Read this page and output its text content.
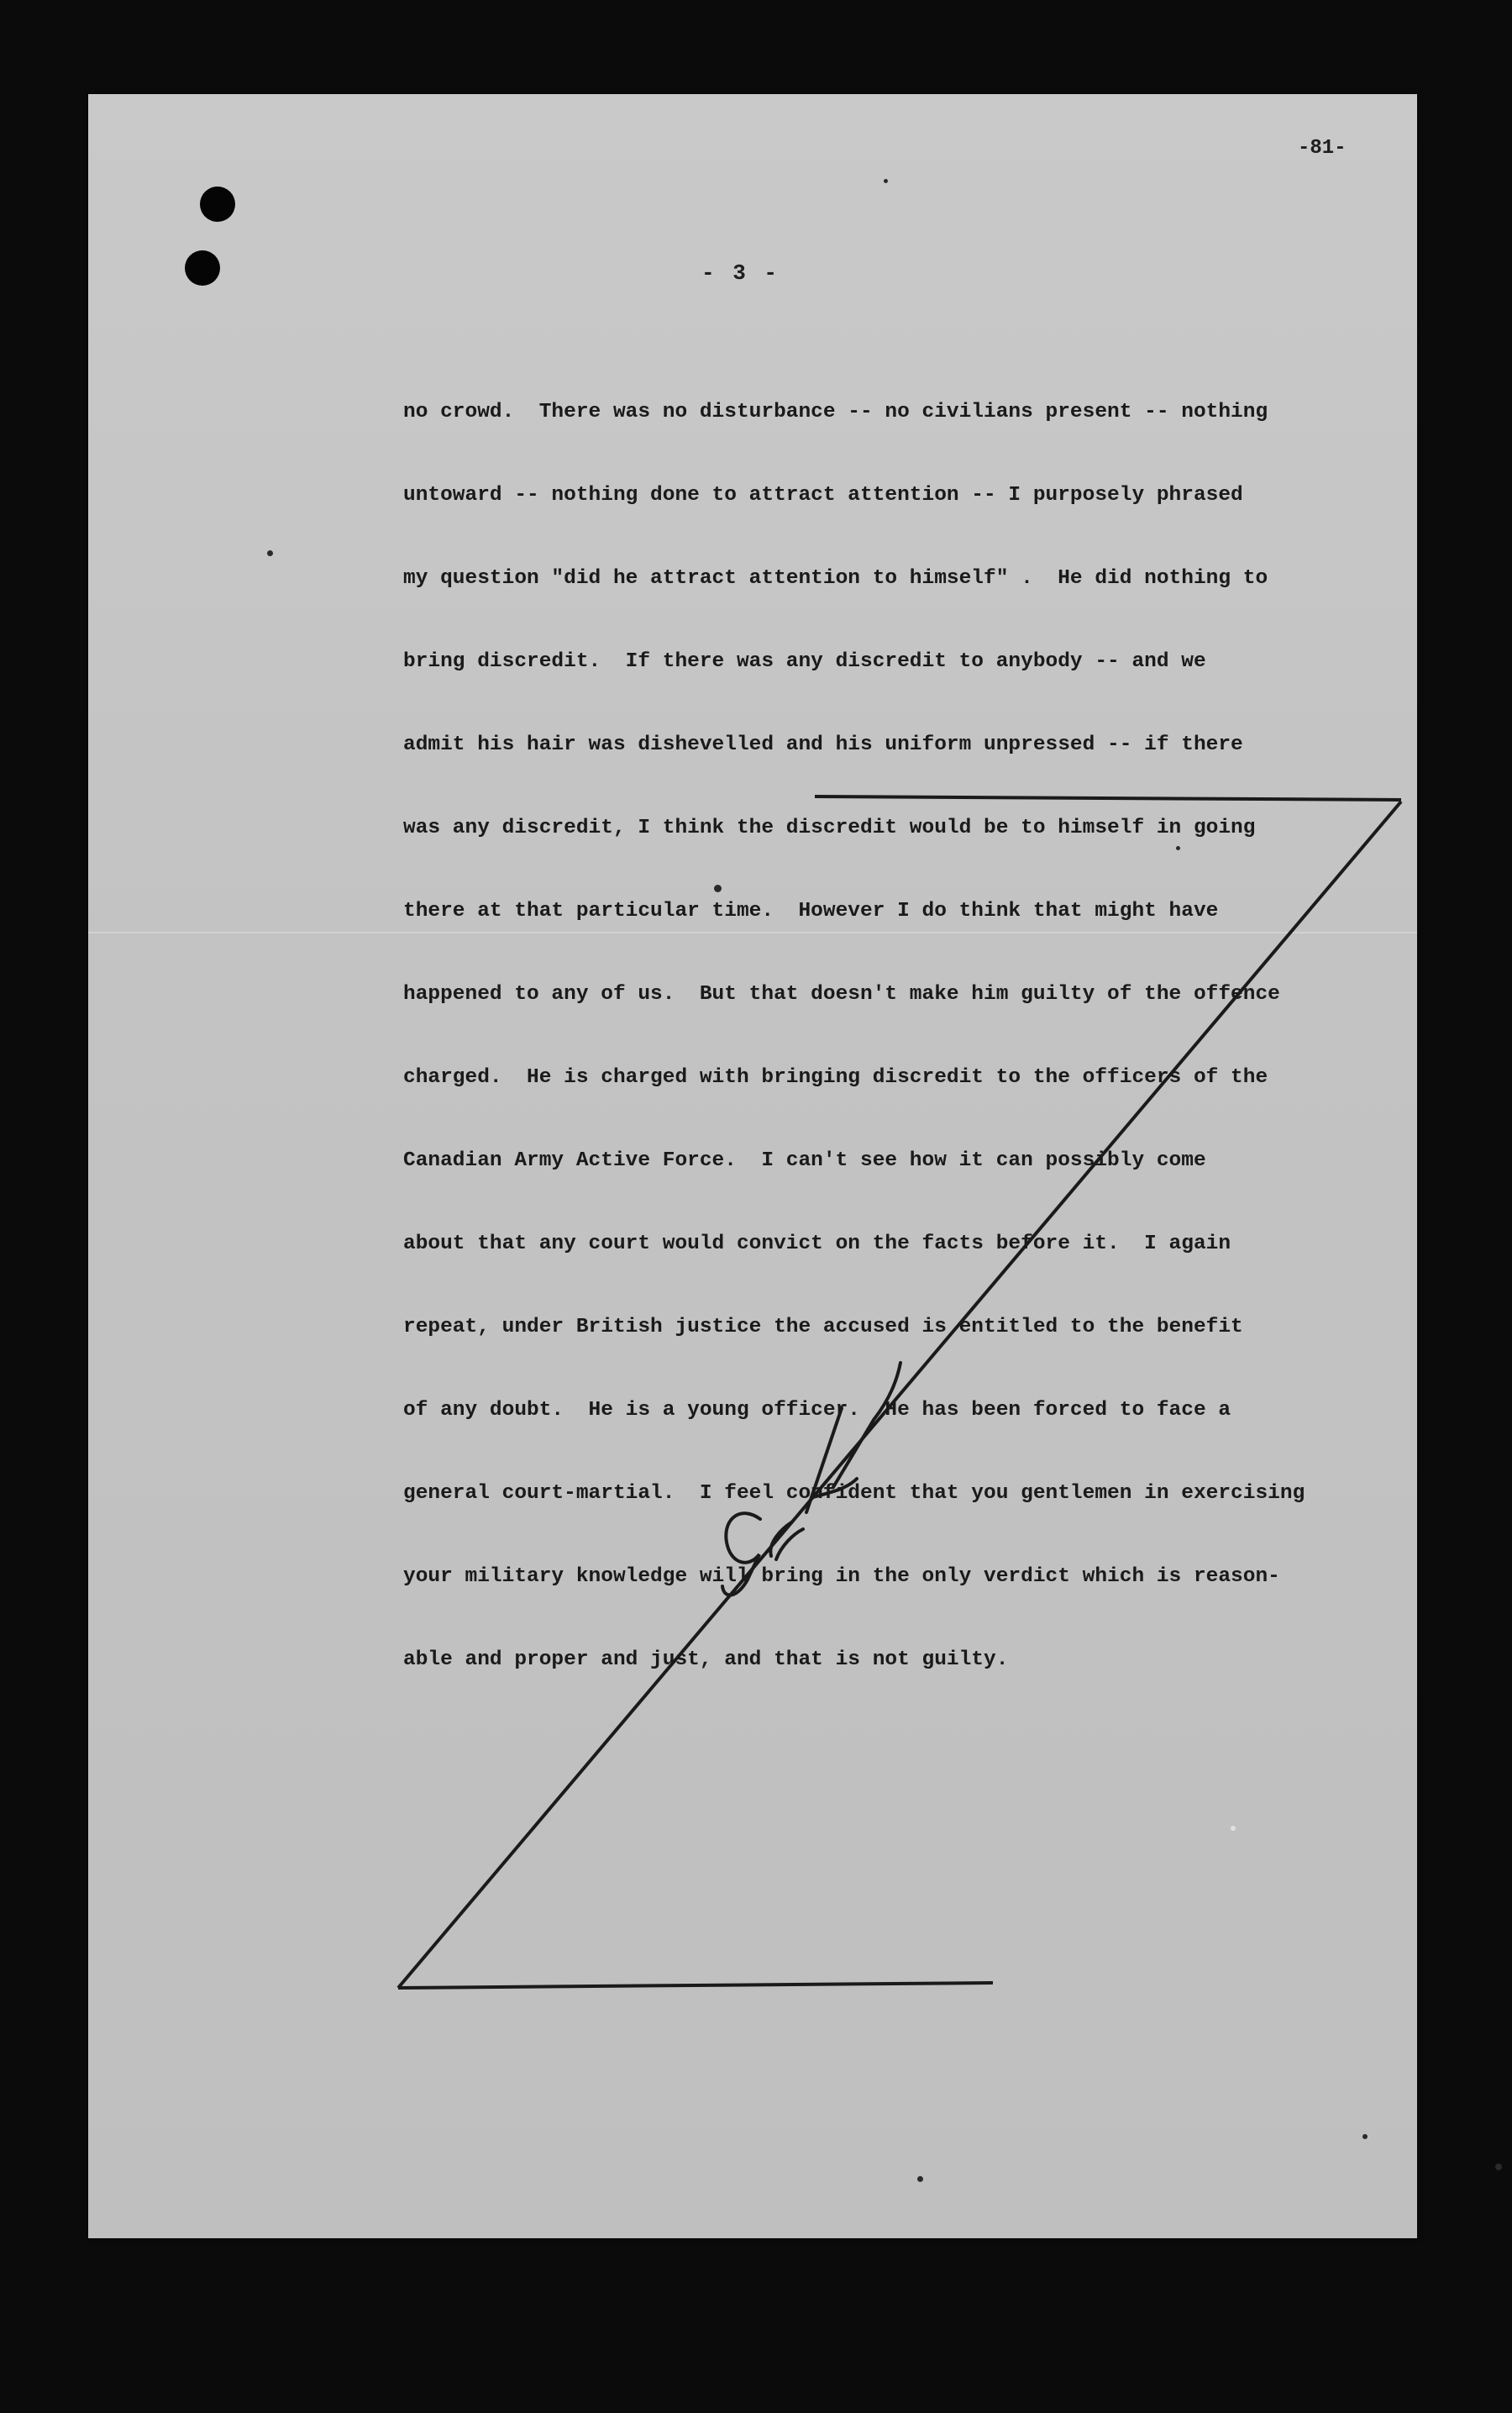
-81-
- 3 -

no crowd.  There was no disturbance -- no civilians present -- nothing

untoward -- nothing done to attract attention -- I purposely phrased

my question "did he attract attention to himself" .  He did nothing to

bring discredit.  If there was any discredit to anybody -- and we

admit his hair was dishevelled and his uniform unpressed -- if there

was any discredit, I think the discredit would be to himself in going

there at that particular time.  However I do think that might have

happened to any of us.  But that doesn't make him guilty of the offence

charged.  He is charged with bringing discredit to the officers of the

Canadian Army Active Force.  I can't see how it can possibly come

about that any court would convict on the facts before it.  I again

repeat, under British justice the accused is entitled to the benefit

of any doubt.  He is a young officer.  He has been forced to face a

general court-martial.  I feel confident that you gentlemen in exercising

your military knowledge will bring in the only verdict which is reason-

able and proper and just, and that is not guilty.
